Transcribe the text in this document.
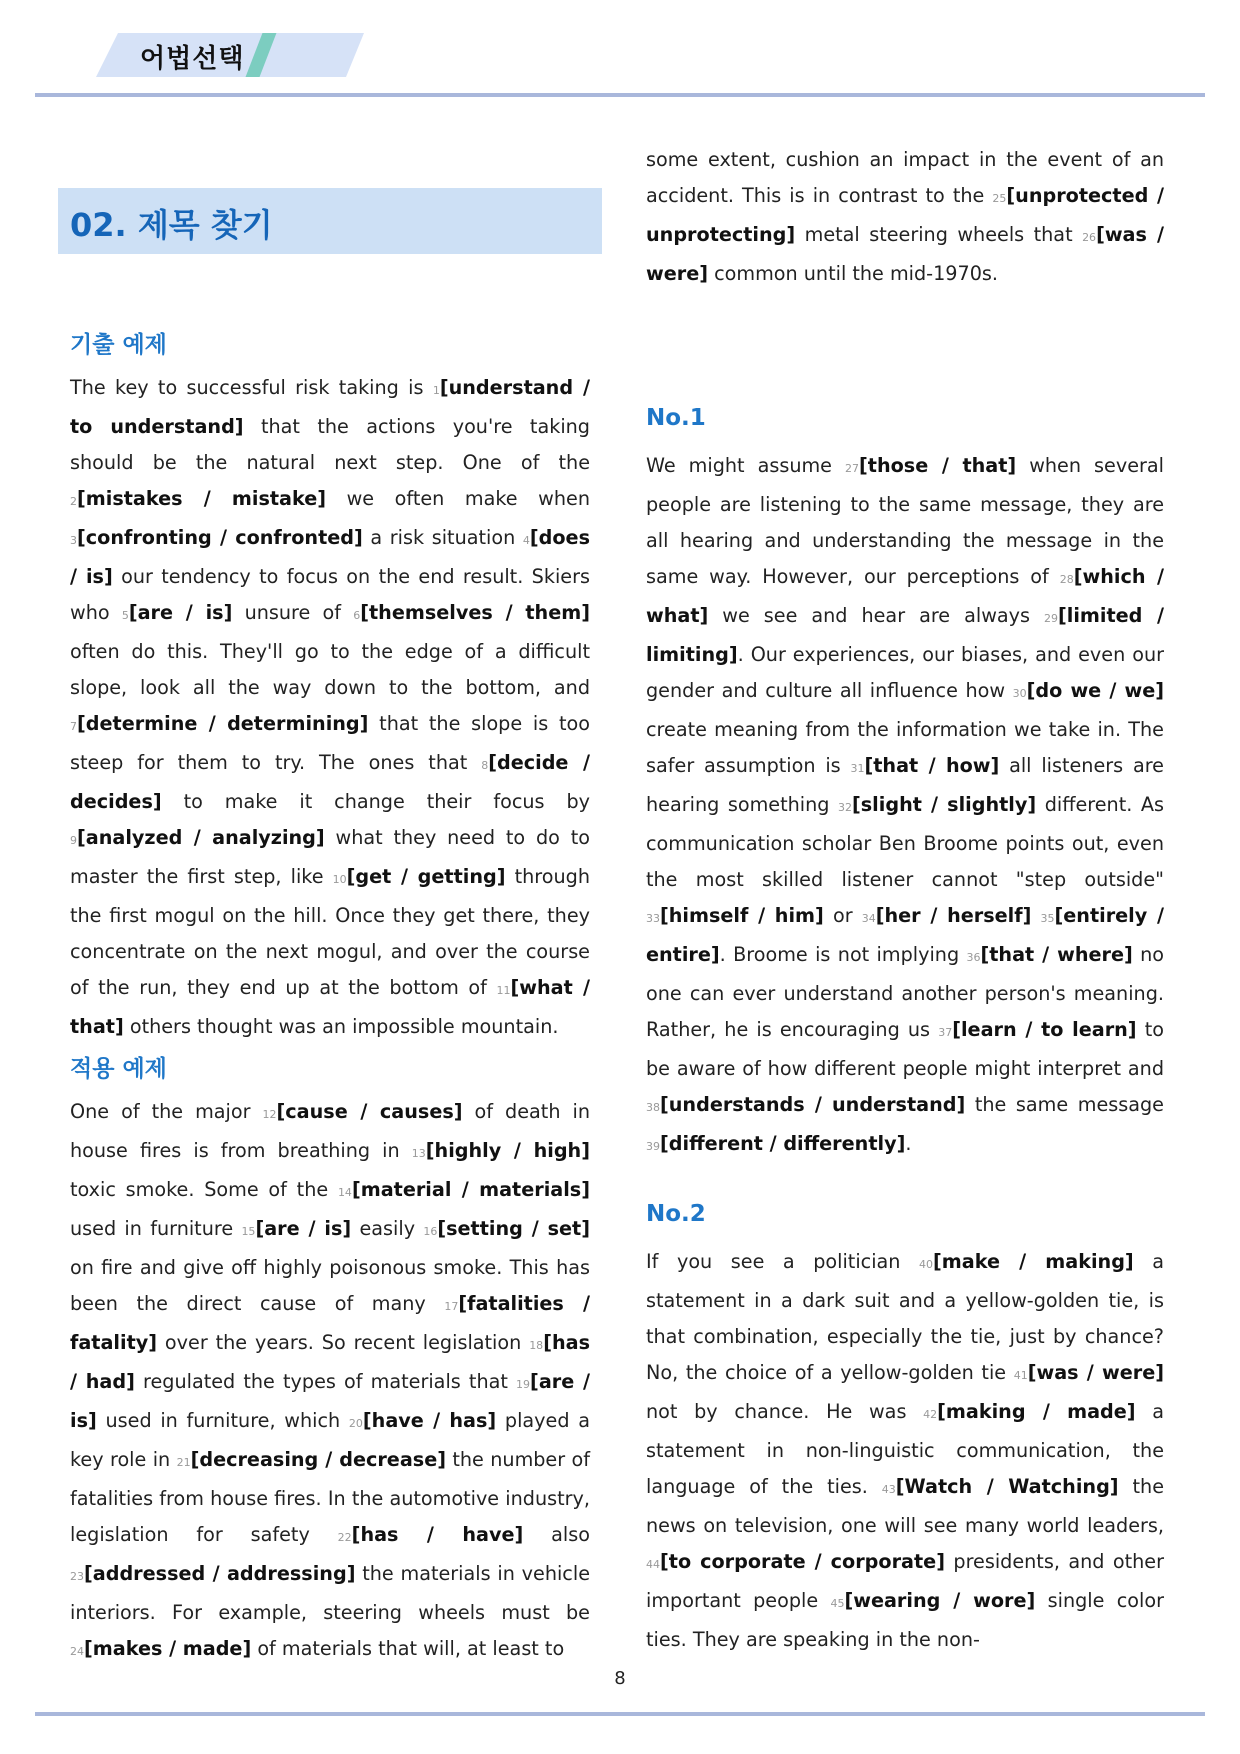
어법선택
02. 제목 찾기
기출 예제
The key to successful risk taking is 1[understand / to understand] that the actions you're taking should be the natural next step. One of the 2[mistakes / mistake] we often make when 3[confronting / confronted] a risk situation 4[does / is] our tendency to focus on the end result. Skiers who 5[are / is] unsure of 6[themselves / them] often do this. They'll go to the edge of a difficult slope, look all the way down to the bottom, and 7[determine / determining] that the slope is too steep for them to try. The ones that 8[decide / decides] to make it change their focus by 9[analyzed / analyzing] what they need to do to master the first step, like 10[get / getting] through the first mogul on the hill. Once they get there, they concentrate on the next mogul, and over the course of the run, they end up at the bottom of 11[what / that] others thought was an impossible mountain.
적용 예제
One of the major 12[cause / causes] of death in house fires is from breathing in 13[highly / high] toxic smoke. Some of the 14[material / materials] used in furniture 15[are / is] easily 16[setting / set] on fire and give off highly poisonous smoke. This has been the direct cause of many 17[fatalities / fatality] over the years. So recent legislation 18[has / had] regulated the types of materials that 19[are / is] used in furniture, which 20[have / has] played a key role in 21[decreasing / decrease] the number of fatalities from house fires. In the automotive industry, legislation for safety 22[has / have] also 23[addressed / addressing] the materials in vehicle interiors. For example, steering wheels must be 24[makes / made] of materials that will, at least to
some extent, cushion an impact in the event of an accident. This is in contrast to the 25[unprotected / unprotecting] metal steering wheels that 26[was / were] common until the mid-1970s.
No.1
We might assume 27[those / that] when several people are listening to the same message, they are all hearing and understanding the message in the same way. However, our perceptions of 28[which / what] we see and hear are always 29[limited / limiting]. Our experiences, our biases, and even our gender and culture all influence how 30[do we / we] create meaning from the information we take in. The safer assumption is 31[that / how] all listeners are hearing something 32[slight / slightly] different. As communication scholar Ben Broome points out, even the most skilled listener cannot "step outside" 33[himself / him] or 34[her / herself] 35[entirely / entire]. Broome is not implying 36[that / where] no one can ever understand another person's meaning. Rather, he is encouraging us 37[learn / to learn] to be aware of how different people might interpret and 38[understands / understand] the same message 39[different / differently].
No.2
If you see a politician 40[make / making] a statement in a dark suit and a yellow-golden tie, is that combination, especially the tie, just by chance? No, the choice of a yellow-golden tie 41[was / were] not by chance. He was 42[making / made] a statement in non-linguistic communication, the language of the ties. 43[Watch / Watching] the news on television, one will see many world leaders, 44[to corporate / corporate] presidents, and other important people 45[wearing / wore] single color ties. They are speaking in the non-
8
